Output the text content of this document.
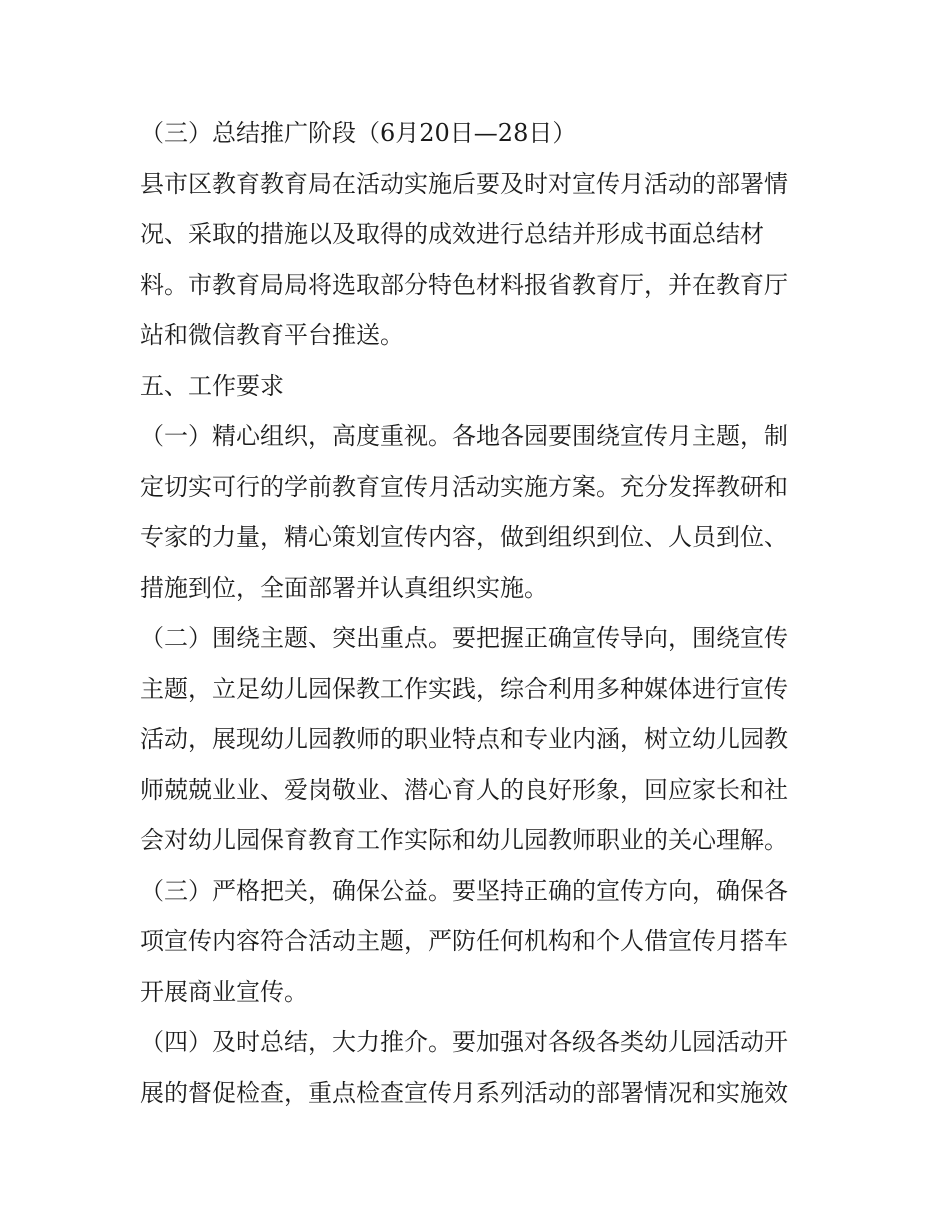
（三）总结推广阶段（6月20日—28日）
县市区教育教育局在活动实施后要及时对宣传月活动的部署情
况、采取的措施以及取得的成效进行总结并形成书面总结材
料。市教育局局将选取部分特色材料报省教育厅，并在教育厅
站和微信教育平台推送。
五、工作要求
（一）精心组织，高度重视。各地各园要围绕宣传月主题，制
定切实可行的学前教育宣传月活动实施方案。充分发挥教研和
专家的力量，精心策划宣传内容，做到组织到位、人员到位、
措施到位，全面部署并认真组织实施。
（二）围绕主题、突出重点。要把握正确宣传导向，围绕宣传
主题，立足幼儿园保教工作实践，综合利用多种媒体进行宣传
活动，展现幼儿园教师的职业特点和专业内涵，树立幼儿园教
师兢兢业业、爱岗敬业、潜心育人的良好形象，回应家长和社
会对幼儿园保育教育工作实际和幼儿园教师职业的关心理解。
（三）严格把关，确保公益。要坚持正确的宣传方向，确保各
项宣传内容符合活动主题，严防任何机构和个人借宣传月搭车
开展商业宣传。
（四）及时总结，大力推介。要加强对各级各类幼儿园活动开
展的督促检查，重点检查宣传月系列活动的部署情况和实施效
